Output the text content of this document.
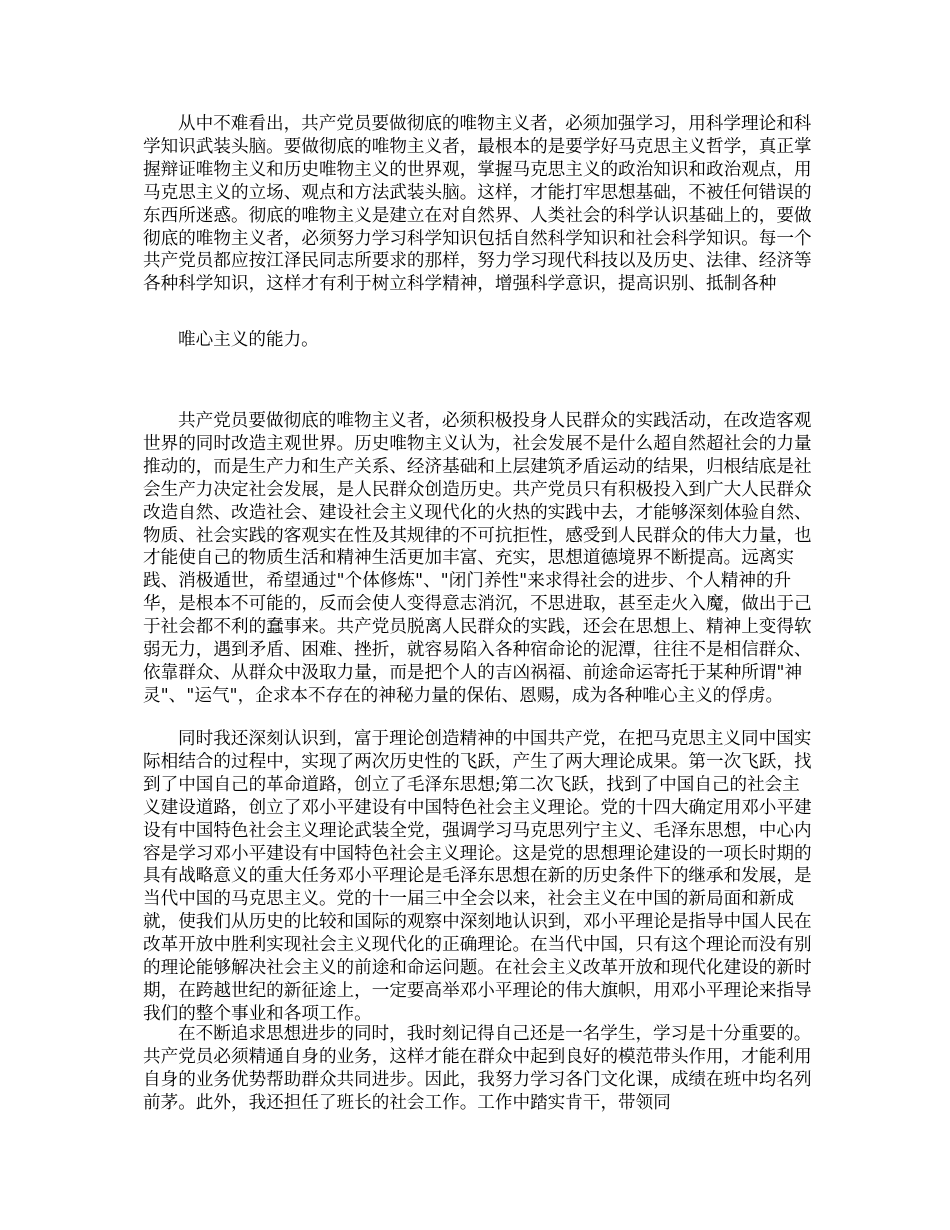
从中不难看出，共产党员要做彻底的唯物主义者，必须加强学习，用科学理论和科学知识武装头脑。要做彻底的唯物主义者，最根本的是要学好马克思主义哲学，真正掌握辩证唯物主义和历史唯物主义的世界观，掌握马克思主义的政治知识和政治观点，用马克思主义的立场、观点和方法武装头脑。这样，才能打牢思想基础，不被任何错误的东西所迷惑。彻底的唯物主义是建立在对自然界、人类社会的科学认识基础上的，要做彻底的唯物主义者，必须努力学习科学知识包括自然科学知识和社会科学知识。每一个共产党员都应按江泽民同志所要求的那样，努力学习现代科技以及历史、法律、经济等各种科学知识，这样才有利于树立科学精神，增强科学意识，提高识别、抵制各种

唯心主义的能力。

共产党员要做彻底的唯物主义者，必须积极投身人民群众的实践活动，在改造客观世界的同时改造主观世界。历史唯物主义认为，社会发展不是什么超自然超社会的力量推动的，而是生产力和生产关系、经济基础和上层建筑矛盾运动的结果，归根结底是社会生产力决定社会发展，是人民群众创造历史。共产党员只有积极投入到广大人民群众改造自然、改造社会、建设社会主义现代化的火热的实践中去，才能够深刻体验自然、物质、社会实践的客观实在性及其规律的不可抗拒性，感受到人民群众的伟大力量，也才能使自己的物质生活和精神生活更加丰富、充实，思想道德境界不断提高。远离实践、消极遁世，希望通过"个体修炼"、"闭门养性"来求得社会的进步、个人精神的升华，是根本不可能的，反而会使人变得意志消沉，不思进取，甚至走火入魔，做出于己于社会都不利的蠢事来。共产党员脱离人民群众的实践，还会在思想上、精神上变得软弱无力，遇到矛盾、困难、挫折，就容易陷入各种宿命论的泥潭，往往不是相信群众、依靠群众、从群众中汲取力量，而是把个人的吉凶祸福、前途命运寄托于某种所谓"神灵"、"运气"，企求本不存在的神秘力量的保佑、恩赐，成为各种唯心主义的俘虏。

同时我还深刻认识到，富于理论创造精神的中国共产党，在把马克思主义同中国实际相结合的过程中，实现了两次历史性的飞跃，产生了两大理论成果。第一次飞跃，找到了中国自己的革命道路，创立了毛泽东思想;第二次飞跃，找到了中国自己的社会主义建设道路，创立了邓小平建设有中国特色社会主义理论。党的十四大确定用邓小平建设有中国特色社会主义理论武装全党，强调学习马克思列宁主义、毛泽东思想，中心内容是学习邓小平建设有中国特色社会主义理论。这是党的思想理论建设的一项长时期的具有战略意义的重大任务邓小平理论是毛泽东思想在新的历史条件下的继承和发展，是当代中国的马克思主义。党的十一届三中全会以来，社会主义在中国的新局面和新成就，使我们从历史的比较和国际的观察中深刻地认识到，邓小平理论是指导中国人民在改革开放中胜利实现社会主义现代化的正确理论。在当代中国，只有这个理论而没有别的理论能够解决社会主义的前途和命运问题。在社会主义改革开放和现代化建设的新时期，在跨越世纪的新征途上，一定要高举邓小平理论的伟大旗帜，用邓小平理论来指导我们的整个事业和各项工作。

在不断追求思想进步的同时，我时刻记得自己还是一名学生，学习是十分重要的。共产党员必须精通自身的业务，这样才能在群众中起到良好的模范带头作用，才能利用自身的业务优势帮助群众共同进步。因此，我努力学习各门文化课，成绩在班中均名列前茅。此外，我还担任了班长的社会工作。工作中踏实肯干，带领同
